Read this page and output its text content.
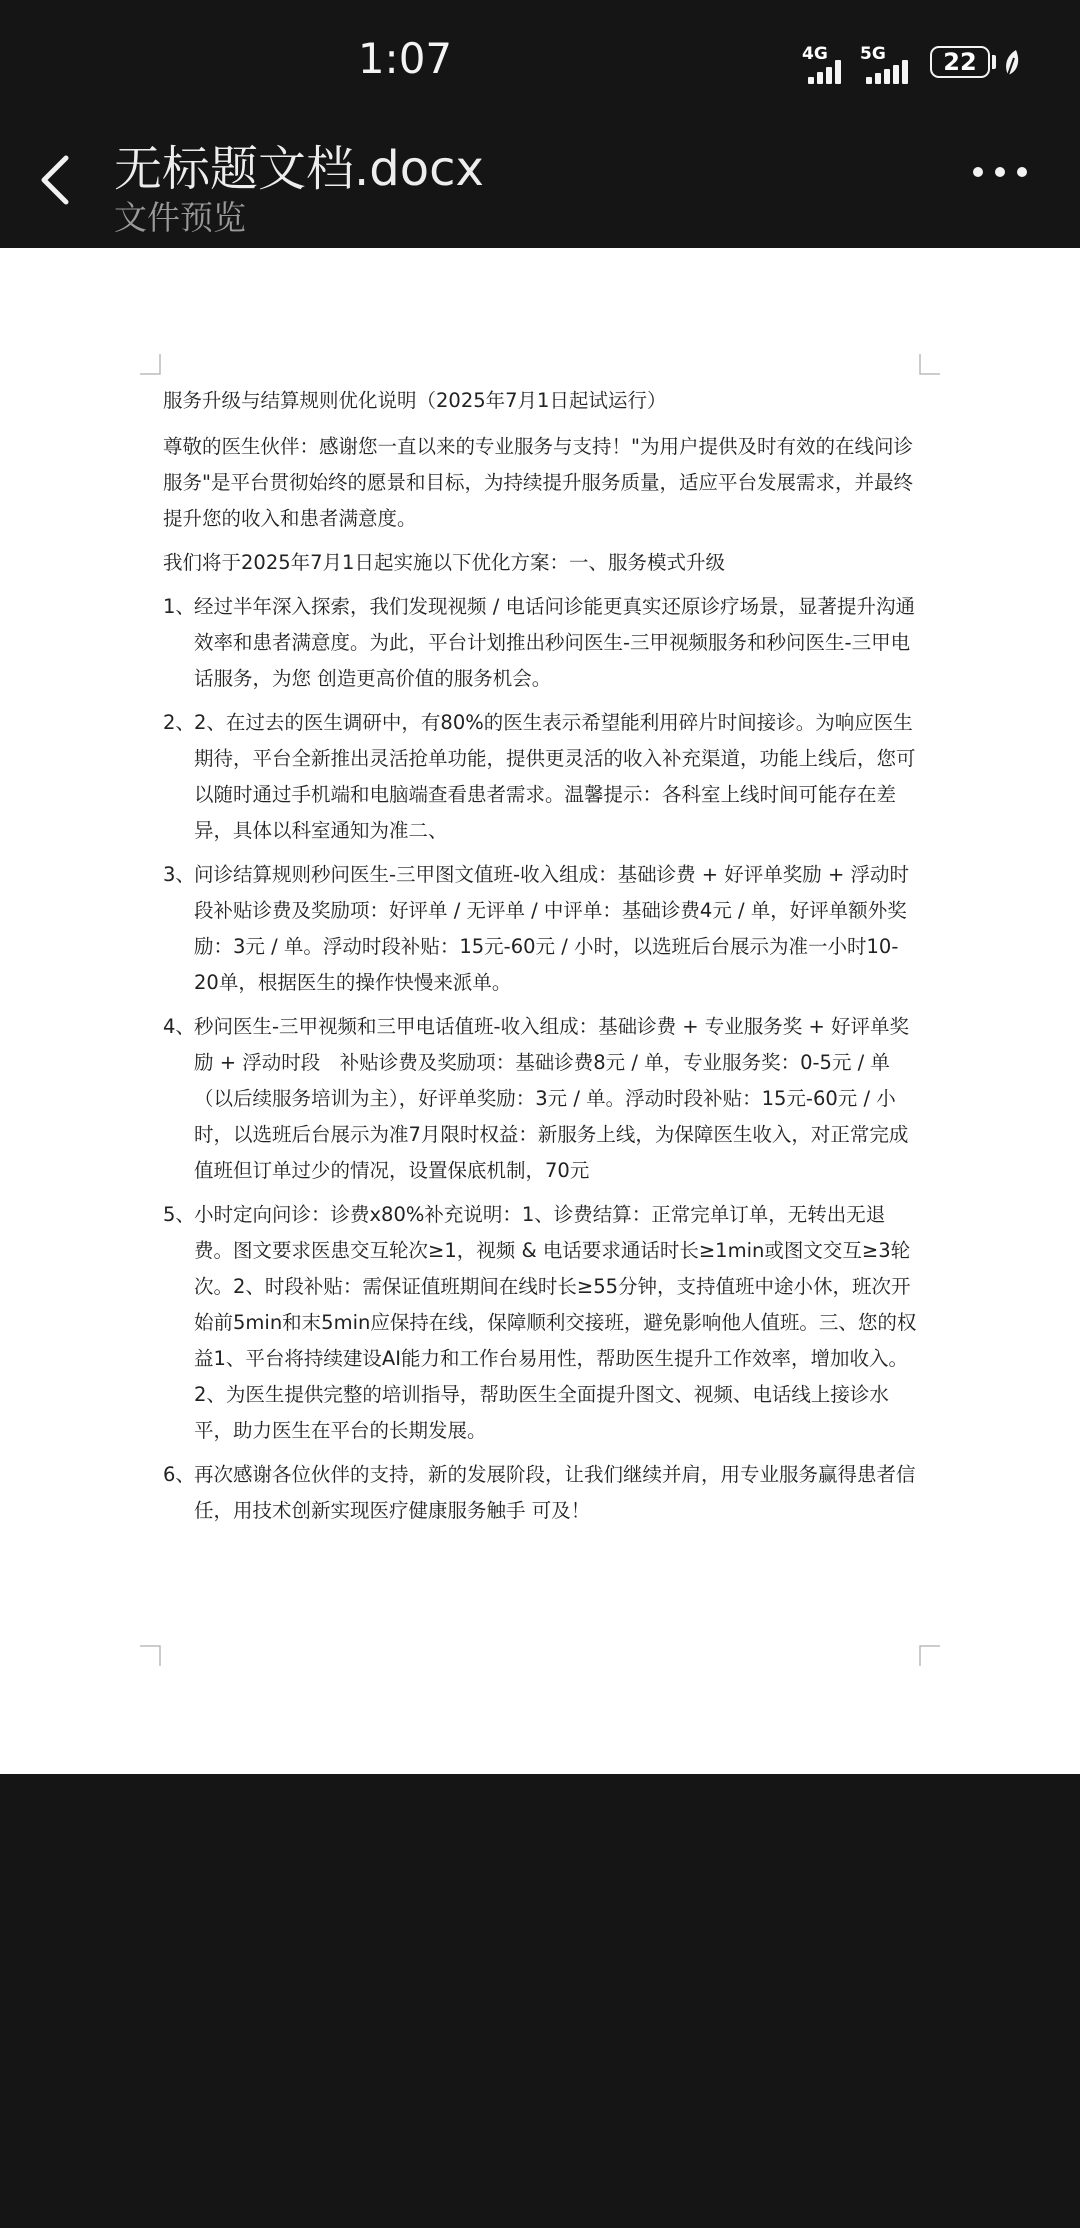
1:07	4G 5G	22
无标题文档.docx
文件预览

服务升级与结算规则优化说明（2025年7月1日起试运行）

尊敬的医生伙伴：感谢您一直以来的专业服务与支持！"为用户提供及时有效的在线问诊服务"是平台贯彻始终的愿景和目标，为持续提升服务质量，适应平台发展需求，并最终提升您的收入和患者满意度。

我们将于2025年7月1日起实施以下优化方案：一、服务模式升级

1、 经过半年深入探索，我们发现视频 / 电话问诊能更真实还原诊疗场景，显著提升沟通效率和患者满意度。为此，平台计划推出秒问医生-三甲视频服务和秒问医生-三甲电话服务，为您 创造更高价值的服务机会。
2、 2、在过去的医生调研中，有80%的医生表示希望能利用碎片时间接诊。为响应医生期待，平台全新推出灵活抢单功能，提供更灵活的收入补充渠道，功能上线后，您可以随时通过手机端和电脑端查看患者需求。温馨提示：各科室上线时间可能存在差异，具体以科室通知为准二、
3、 问诊结算规则秒问医生-三甲图文值班-收入组成：基础诊费 + 好评单奖励 + 浮动时段补贴诊费及奖励项：好评单 / 无评单 / 中评单：基础诊费4元 / 单，好评单额外奖励：3元 / 单。浮动时段补贴：15元-60元 / 小时，以选班后台展示为准一小时10-20单，根据医生的操作快慢来派单。
4、 秒问医生-三甲视频和三甲电话值班-收入组成：基础诊费 + 专业服务奖 + 好评单奖励 + 浮动时段　补贴诊费及奖励项：基础诊费8元 / 单，专业服务奖：0-5元 / 单（以后续服务培训为主），好评单奖励：3元 / 单。浮动时段补贴：15元-60元 / 小时，以选班后台展示为准7月限时权益：新服务上线，为保障医生收入，对正常完成值班但订单过少的情况，设置保底机制，70元
5、 小时定向问诊：诊费x80%补充说明：1、诊费结算：正常完单订单，无转出无退费。图文要求医患交互轮次≥1，视频 & 电话要求通话时长≥1min或图文交互≥3轮次。2、时段补贴：需保证值班期间在线时长≥55分钟，支持值班中途小休，班次开始前5min和末5min应保持在线，保障顺利交接班，避免影响他人值班。三、您的权益1、平台将持续建设AI能力和工作台易用性，帮助医生提升工作效率，增加收入。2、为医生提供完整的培训指导，帮助医生全面提升图文、视频、电话线上接诊水平，助力医生在平台的长期发展。
6、 再次感谢各位伙伴的支持，新的发展阶段，让我们继续并肩，用专业服务赢得患者信任，用技术创新实现医疗健康服务触手 可及！
